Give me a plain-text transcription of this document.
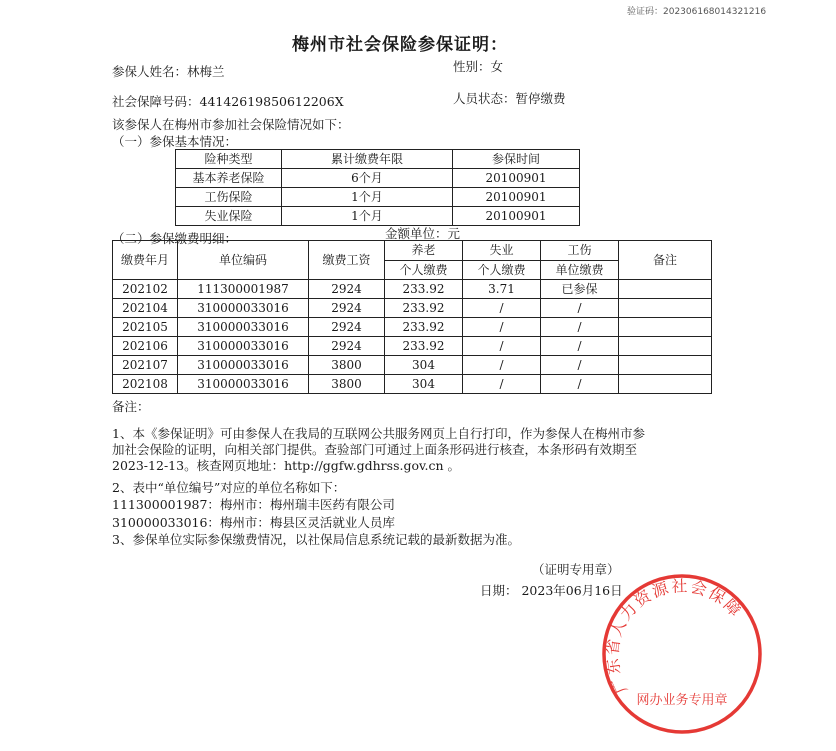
验证码：20230616801432121​6
梅州市社会保险参保证明：
参保人姓名：林梅兰	性别：女
社会保障号码：44142619850612206X	人员状态：暂停缴费
该参保人在梅州市参加社会保险情况如下：
（一）参保基本情况：
险种类型	累计缴费年限	参保时间
基本养老保险	6个月	20100901
工伤保险	1个月	20100901
失业保险	1个月	20100901
（二）参保缴费明细：	金额单位：元
缴费年月	单位编码	缴费工资	养老	失业	工伤	备注
			个人缴费	个人缴费	单位缴费	
202102	111300001987	2924	233.92	3.71	已参保	
202104	310000033016	2924	233.92	/	/	
202105	310000033016	2924	233.92	/	/	
202106	310000033016	2924	233.92	/	/	
202107	310000033016	3800	304	/	/	
202108	310000033016	3800	304	/	/	
备注：
1、本《参保证明》可由参保人在我局的互联网公共服务网页上自行打印，作为参保人在梅州市参
加社会保险的证明，向相关部门提供。查验部门可通过上面条形码进行核查，本条形码有效期至
2023-12-13。核查网页地址：http://ggfw.gdhrss.gov.cn 。
2、表中“单位编号”对应的单位名称如下：
111300001987：梅州市：梅州瑞丰医药有限公司
310000033016：梅州市：梅县区灵活就业人员库
3、参保单位实际参保缴费情况，以社保局信息系统记载的最新数据为准。
（证明专用章）
日期： 2023年06月16日
广东省人力资源社会保障
网办业务专用章
